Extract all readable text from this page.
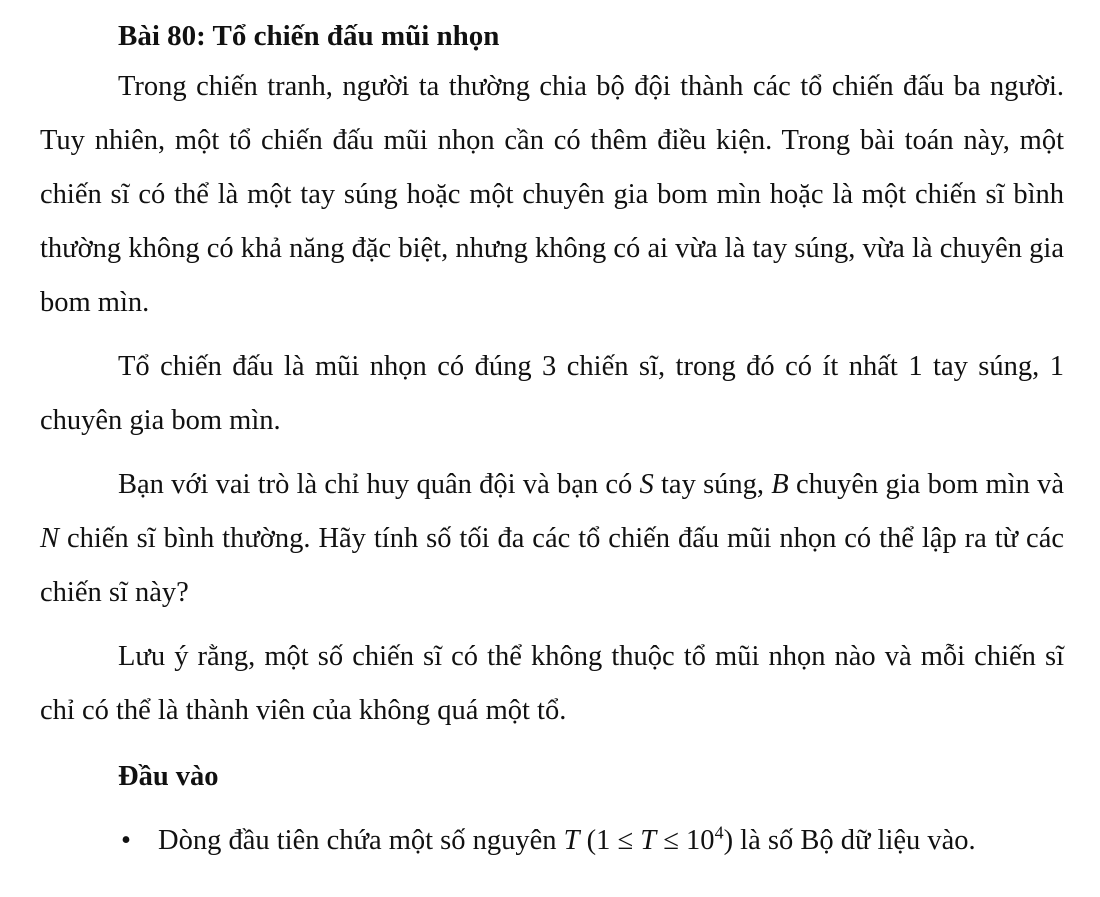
Bài 80: Tổ chiến đấu mũi nhọn

Trong chiến tranh, người ta thường chia bộ đội thành các tổ chiến đấu ba người. Tuy nhiên, một tổ chiến đấu mũi nhọn cần có thêm điều kiện. Trong bài toán này, một chiến sĩ có thể là một tay súng hoặc một chuyên gia bom mìn hoặc là một chiến sĩ bình thường không có khả năng đặc biệt, nhưng không có ai vừa là tay súng, vừa là chuyên gia bom mìn.

Tổ chiến đấu là mũi nhọn có đúng 3 chiến sĩ, trong đó có ít nhất 1 tay súng, 1 chuyên gia bom mìn.

Bạn với vai trò là chỉ huy quân đội và bạn có S tay súng, B chuyên gia bom mìn và N chiến sĩ bình thường. Hãy tính số tối đa các tổ chiến đấu mũi nhọn có thể lập ra từ các chiến sĩ này?

Lưu ý rằng, một số chiến sĩ có thể không thuộc tổ mũi nhọn nào và mỗi chiến sĩ chỉ có thể là thành viên của không quá một tổ.

Đầu vào
• Dòng đầu tiên chứa một số nguyên T $(1 \le T \le 10^4)$ là số Bộ dữ liệu vào.
